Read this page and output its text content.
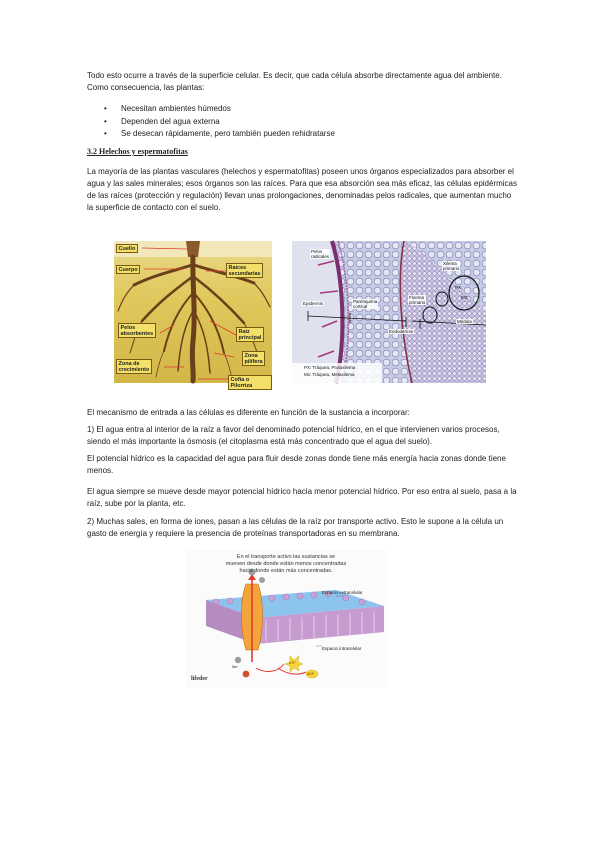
Todo esto ocurre a través de la superficie celular. Es decir, que cada célula absorbe directamente agua del ambiente. Como consecuencia, las plantas:

• Necesitan ambientes húmedos
• Dependen del agua externa
• Se desecan rápidamente, pero también pueden rehidratarse
3.2 Helechos y espermatofitas

La mayoría de las plantas vasculares (helechos y espermatofitas) poseen unos órganos especializados para absorber el agua y las sales minerales; esos órganos son las raíces. Para que esa absorción sea más eficaz, las células epidérmicas de las raíces (protección y regulación) llevan unas prolongaciones, denominadas pelos radicales, que aumentan mucho la superficie de contacto con el suelo.

Cuello
Cuerpo	Raíces
secundarias
Pelos
absorbentes	Raíz
principal
Zona
pilífera
Zona de
crecimiento
Cofia o Pilorriza
Pelos
radicales
Epidermis	Parénquima
cortical
Xilema
primario
Floema
primario
Endodermis
Médula
PX
MX
PX: Tráquea, Protoxilema
Mx: Tráquea, Metaxilema

El mecanismo de entrada a las células es diferente en función de la sustancia a incorporar:

1) El agua entra al interior de la raíz a favor del denominado potencial hídrico, en el que intervienen varios procesos, siendo el más importante la ósmosis (el citoplasma está más concentrado que el agua del suelo).

El potencial hídrico es la capacidad del agua para fluir desde zonas donde tiene más energía hacia zonas donde tiene menos.

El agua siempre se mueve desde mayor potencial hídrico hacia menor potencial hídrico. Por eso entra al suelo, pasa a la raíz, sube por la planta, etc.

2) Muchas sales, en forma de iones, pasan a las células de la raíz por transporte activo. Esto le supone a la célula un gasto de energía y requiere la presencia de proteínas transportadoras en su membrana.

En el transporte activo las sustancias se
mueven desde donde están menos concentradas
hacia donde están más concentradas.
Espacio extracelular
Espacio intracelular
ATP
ADP
Na⁺
lifeder
